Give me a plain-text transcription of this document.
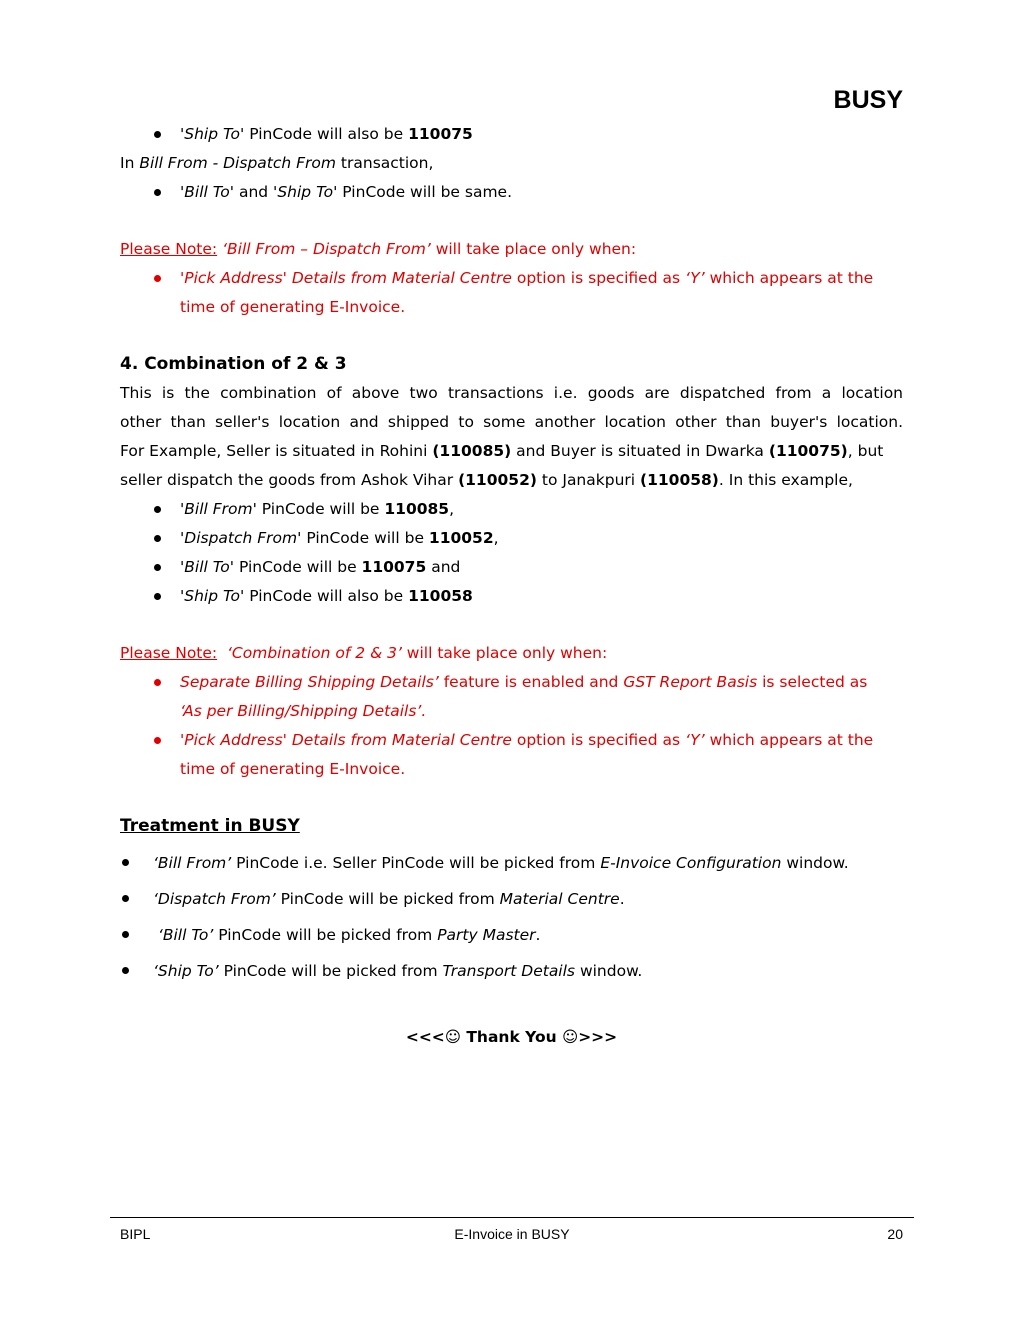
BUSY

'Ship To' PinCode will also be 110075

In Bill From - Dispatch From transaction,

'Bill To' and 'Ship To' PinCode will be same.

Please Note: ‘Bill From – Dispatch From’ will take place only when:

'Pick Address' Details from Material Centre option is specified as ‘Y’ which appears at the

time of generating E-Invoice.

4. Combination of 2 & 3

This is the combination of above two transactions i.e. goods are dispatched from a location

other than seller's location and shipped to some another location other than buyer's location.

For Example, Seller is situated in Rohini (110085) and Buyer is situated in Dwarka (110075), but

seller dispatch the goods from Ashok Vihar (110052) to Janakpuri (110058). In this example,

'Bill From' PinCode will be 110085,

'Dispatch From' PinCode will be 110052,

'Bill To' PinCode will be 110075 and

'Ship To' PinCode will also be 110058

Please Note: ‘Combination of 2 & 3’ will take place only when:

Separate Billing Shipping Details’ feature is enabled and GST Report Basis is selected as

‘As per Billing/Shipping Details’.

'Pick Address' Details from Material Centre option is specified as ‘Y’ which appears at the

time of generating E-Invoice.

Treatment in BUSY

‘Bill From’ PinCode i.e. Seller PinCode will be picked from E-Invoice Configuration window.

‘Dispatch From’ PinCode will be picked from Material Centre.

‘Bill To’ PinCode will be picked from Party Master.

‘Ship To’ PinCode will be picked from Transport Details window.

<<<☺ Thank You ☺>>>

BIPL	E-Invoice in BUSY	20
